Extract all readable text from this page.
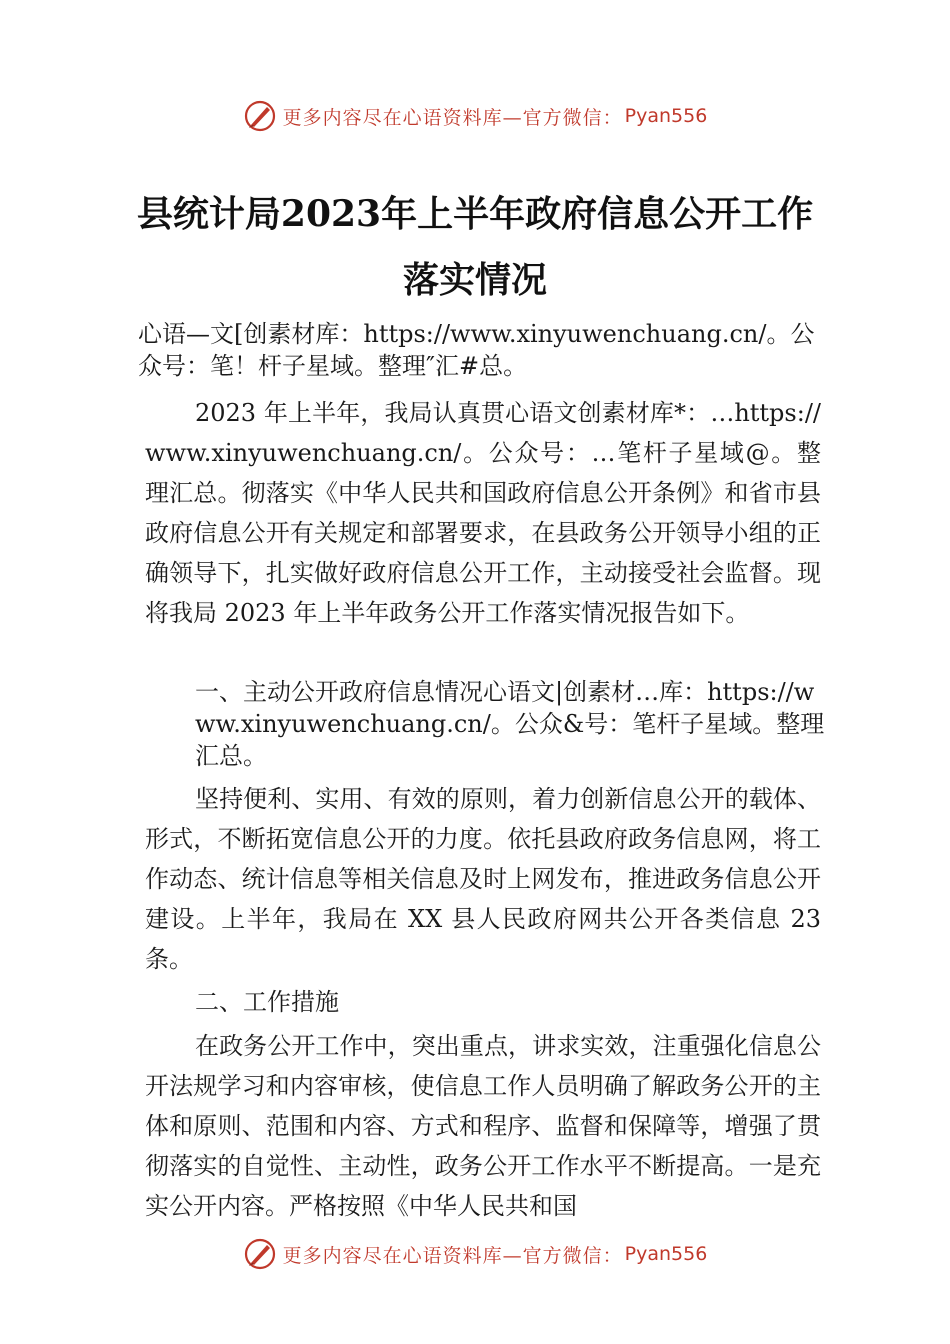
更多内容尽在心语资料库—官方微信： Pyan556
县统计局2023年上半年政府信息公开工作
落实情况

心语—文[创素材库：https://www.xinyuwenchuang.cn/。公众号：笔！杆子星域。整理″汇#总。

2023 年上半年，我局认真贯心语文创素材库*：…https://www.xinyuwenchuang.cn/。公众号：…笔杆子星域@。整理汇总。彻落实《中华人民共和国政府信息公开条例》和省市县政府信息公开有关规定和部署要求，在县政务公开领导小组的正确领导下，扎实做好政府信息公开工作，主动接受社会监督。现将我局 2023 年上半年政务公开工作落实情况报告如下。

一、主动公开政府信息情况心语文|创素材…库：https://www.xinyuwenchuang.cn/。公众&号：笔杆子星域。整理汇总。

坚持便利、实用、有效的原则，着力创新信息公开的载体、形式，不断拓宽信息公开的力度。依托县政府政务信息网，将工作动态、统计信息等相关信息及时上网发布，推进政务信息公开建设。上半年，我局在 XX 县人民政府网共公开各类信息 23 条。

二、工作措施

在政务公开工作中，突出重点，讲求实效，注重强化信息公开法规学习和内容审核，使信息工作人员明确了解政务公开的主体和原则、范围和内容、方式和程序、监督和保障等，增强了贯彻落实的自觉性、主动性，政务公开工作水平不断提高。一是充实公开内容。严格按照《中华人民共和国

更多内容尽在心语资料库—官方微信： Pyan556
